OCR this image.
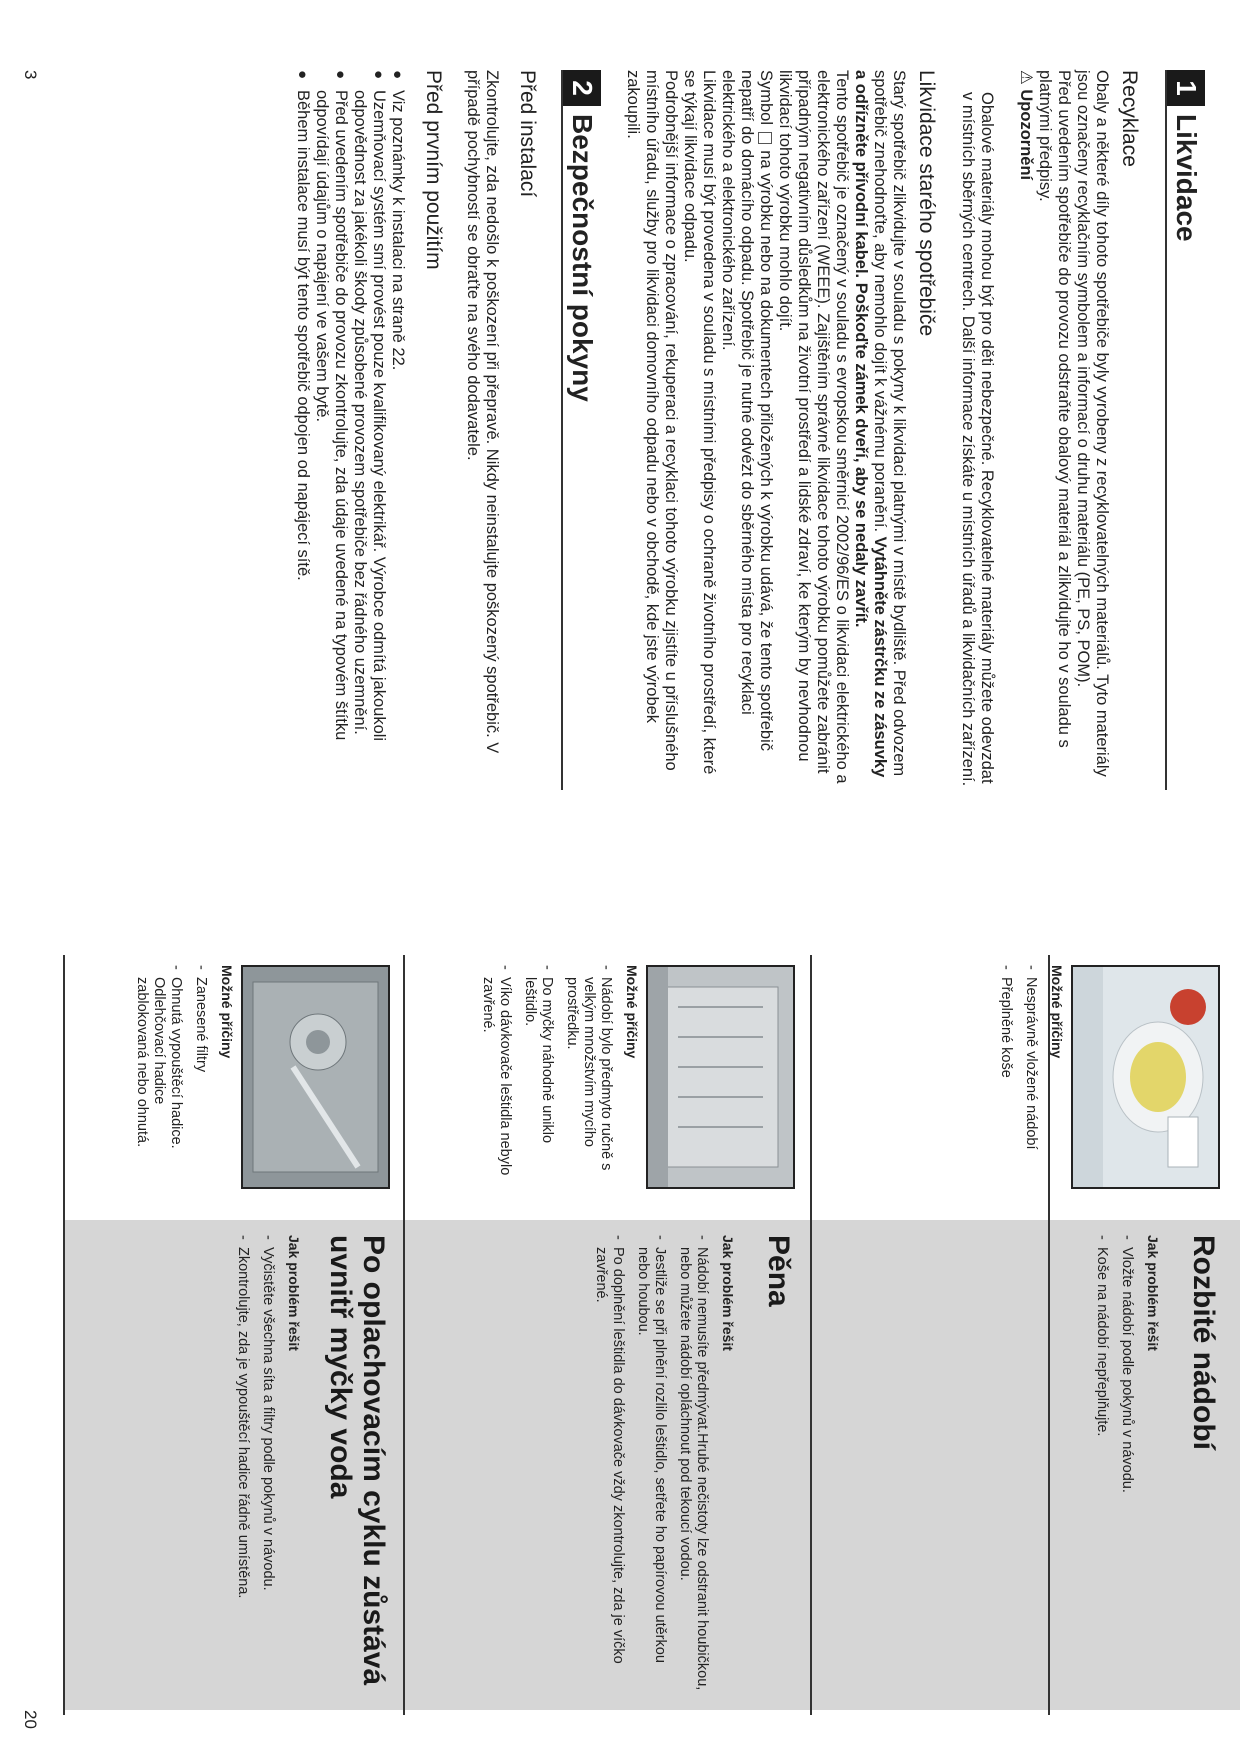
3
1
Likvidace
Recyklace

Obaly a některé díly tohoto spotřebiče byly vyrobeny z recyklovatelných materiálů. Tyto materiály jsou označeny recyklačním symbolem a informací o druhu materiálu (PE, PS, POM).

Před uvedením spotřebiče do provozu odstraňte obalový materiál a zlikvidujte ho v souladu s platnými předpisy.

⚠ Upozornění

Obalové materiály mohou být pro děti nebezpečné. Recyklovatelné materiály můžete odevzdat v místních sběrných centrech. Další informace získáte u místních úřadů a likvidačních zařízení.

Likvidace starého spotřebiče

Starý spotřebič zlikvidujte v souladu s pokyny k likvidaci platnými v místě bydliště. Před odvozem spotřebič znehodnoťte, aby nemohlo dojít k vážnému poranění. Vytáhněte zástrčku ze zásuvky a odřízněte přívodní kabel. Poškoďte zámek dveří, aby se nedaly zavřít.

Tento spotřebič je označený v souladu s evropskou směrnicí 2002/96/ES o likvidaci elektrického a elektronického zařízení (WEEE). Zajištěním správné likvidace tohoto výrobku pomůžete zabránit případným negativním důsledkům na životní prostředí a lidské zdraví, ke kterým by nevhodnou likvidací tohoto výrobku mohlo dojít.

Symbol  na výrobku nebo na dokumentech přiložených k výrobku udává, že tento spotřebič nepatří do domácího odpadu. Spotřebič je nutné odvézt do sběrného místa pro recyklaci elektrického a elektronického zařízení.

Likvidace musí být provedena v souladu s místními předpisy o ochraně životního prostředí, které se týkají likvidace odpadu.

Podrobnější informace o zpracování, rekuperaci a recyklaci tohoto výrobku zjistíte u příslušného místního úřadu, služby pro likvidaci domovního odpadu nebo v obchodě, kde jste výrobek zakoupili.

2
Bezpečnostní pokyny
Před instalací

Zkontrolujte, zda nedošlo k poškození při přepravě. Nikdy neinstalujte poškozený spotřebič. V případě pochybností se obraťte na svého dodavatele.

Před prvním použitím
● Viz poznámky k instalaci na straně 22.
● Uzemňovací systém smí provést pouze kvalifikovaný elektrikář. Výrobce odmítá jakoukoli odpovědnost za jakékoli škody způsobené provozem spotřebiče bez řádného uzemnění.
● Před uvedením spotřebiče do provozu zkontrolujte, zda údaje uvedené na typovém štítku odpovídají údajům o napájení ve vašem bytě.
● Během instalace musí být tento spotřebič odpojen od napájecí sítě.
20
Možné příčiny
- Nesprávně vložené nádobí
- Přeplněné koše
Rozbité nádobí
Jak problém řešit
- Vložte nádobí podle pokynů v návodu.
- Koše na nádobí nepřeplňujte.
Možné příčiny
- Nádobí bylo předmyto ručně s velkým množstvím mycího prostředku.
- Do myčky náhodně uniklo leštidlo.
- Víko dávkovače leštidla nebylo zavřené.
Pěna
Jak problém řešit
- Nádobí nemusíte předmývat.Hrubé nečistoty lze odstranit houbičkou, nebo můžete nádobí opláchnout pod tekoucí vodou.
- Jestliže se při plnění rozlilo leštidlo, setřete ho papírovou utěrkou nebo houbou.
- Po doplnění leštidla do dávkovače vždy zkontrolujte, zda je víčko zavřené.
Možné příčiny
- Zanesené filtry
- Ohnutá vypouštěcí hadice. Odlehčovací hadice zablokovaná nebo ohnutá.
Po oplachovacím cyklu zůstává uvnitř myčky voda
Jak problém řešit
- Vyčistěte všechna síta a filtry podle pokynů v návodu.
- Zkontrolujte, zda je vypouštěcí hadice řádně umístěna.
